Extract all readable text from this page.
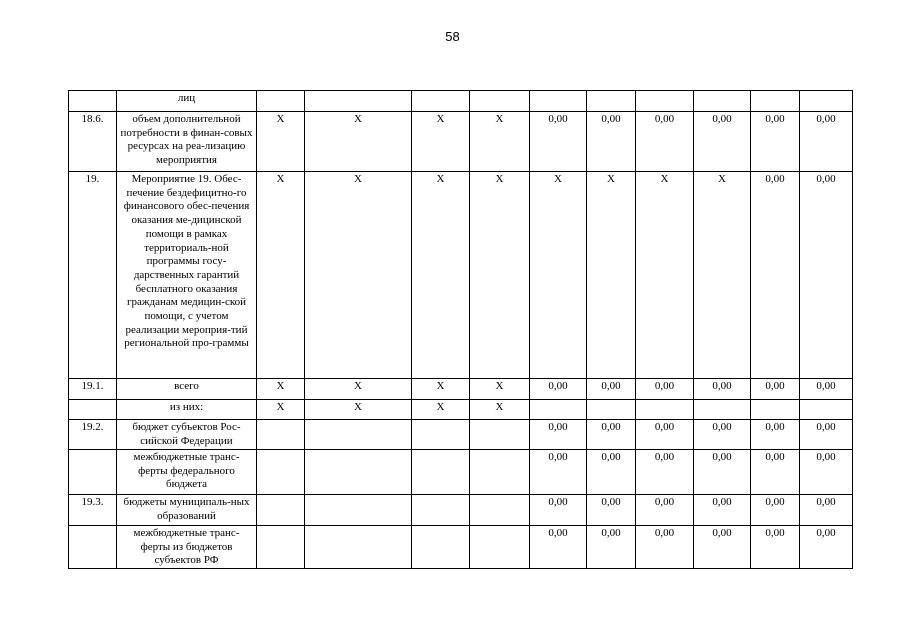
58
	лиц										
18.6.	объем дополнительной потребности в финан-совых ресурсах на реа-лизацию мероприятия	X	X	X	X	0,00	0,00	0,00	0,00	0,00	0,00
19.	Мероприятие 19. Обес-печение бездефицитно-го финансового обес-печения оказания ме-дицинской помощи в рамках территориаль-ной программы госу-дарственных гарантий бесплатного оказания гражданам медицин-ской помощи, с учетом реализации мероприя-тий региональной про-граммы	X	X	X	X	X	X	X	X	0,00	0,00
19.1.	всего	X	X	X	X	0,00	0,00	0,00	0,00	0,00	0,00
	из них:	X	X	X	X						
19.2.	бюджет субъектов Рос-сийской Федерации					0,00	0,00	0,00	0,00	0,00	0,00
	межбюджетные транс-ферты федерального бюджета					0,00	0,00	0,00	0,00	0,00	0,00
19.3.	бюджеты муниципаль-ных образований					0,00	0,00	0,00	0,00	0,00	0,00
	межбюджетные транс-ферты из бюджетов субъектов РФ					0,00	0,00	0,00	0,00	0,00	0,00
